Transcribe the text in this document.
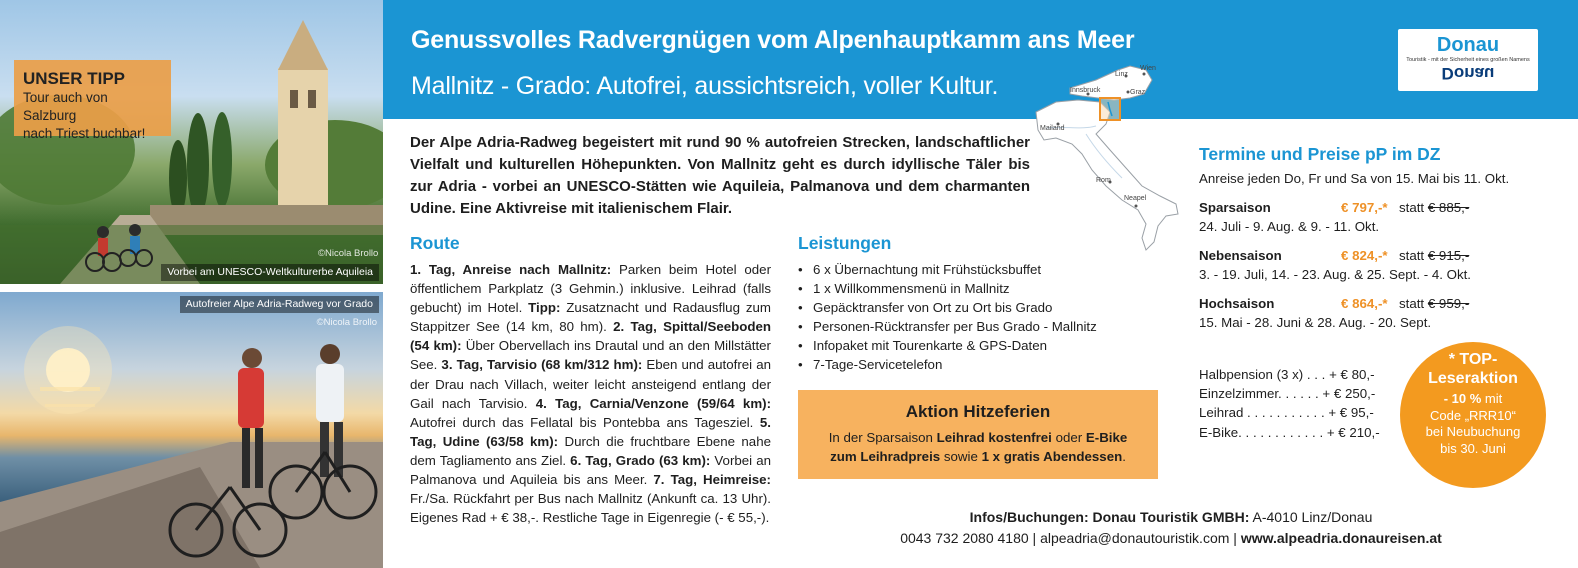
©Nicola Brollo
Vorbei am UNESCO-Weltkulturerbe Aquileia
UNSER TIPP
Tour auch von Salzburg
nach Triest buchbar!
Autofreier Alpe Adria-Radweg vor Grado
©Nicola Brollo
Genussvolles Radvergnügen vom Alpenhauptkamm ans Meer
Mallnitz - Grado: Autofrei, aussichtsreich, voller Kultur.
Donau
Touristik - mit der Sicherheit eines großen Namens
Donau
Linz
Wien
Innsbruck	Graz
Mailand
Rom
Neapel
Der Alpe Adria-Radweg begeistert mit rund 90 % autofreien Strecken, landschaftlicher Vielfalt und kulturellen Höhepunkten. Von Mallnitz geht es durch idyllische Täler bis zur Adria - vorbei an UNESCO-Stätten wie Aquileia, Palmanova und dem charmanten Udine. Eine Aktivreise mit italienischem Flair.
Route
1. Tag, Anreise nach Mallnitz: Parken beim Hotel oder öffentlichem Parkplatz (3 Gehmin.) inklusive. Leihrad (falls gebucht) im Hotel. Tipp: Zusatznacht und Radausflug zum Stappitzer See (14 km, 80 hm). 2. Tag, Spittal/Seeboden (54 km): Über Obervellach ins Drautal und an den Millstätter See. 3. Tag, Tarvisio (68 km/312 hm): Eben und autofrei an der Drau nach Villach, weiter leicht ansteigend entlang der Gail nach Tarvisio. 4. Tag, Carnia/Venzone (59/64 km): Autofrei durch das Fellatal bis Pontebba ans Tagesziel. 5. Tag, Udine (63/58 km): Durch die fruchtbare Ebene nahe dem Tagliamento ans Ziel. 6. Tag, Grado (63 km): Vorbei an Palmanova und Aquileia bis ans Meer. 7. Tag, Heimreise: Fr./Sa. Rückfahrt per Bus nach Mallnitz (Ankunft ca. 13 Uhr). Eigenes Rad + € 38,-. Restliche Tage in Eigenregie (- € 55,-).
Leistungen
• 6 x Übernachtung mit Frühstücksbuffet
• 1 x Willkommensmenü in Mallnitz
• Gepäcktransfer von Ort zu Ort bis Grado
• Personen-Rücktransfer per Bus Grado - Mallnitz
• Infopaket mit Tourenkarte & GPS-Daten
• 7-Tage-Servicetelefon
Aktion Hitzeferien
In der Sparsaison Leihrad kostenfrei oder E-Bike
zum Leihradpreis sowie 1 x gratis Abendessen.
Termine und Preise pP im DZ
Anreise jeden Do, Fr und Sa von 15. Mai bis 11. Okt.
Sparsaison	€ 797,-* statt € 885,-
24. Juli - 9. Aug. & 9. - 11. Okt.
Nebensaison	€ 824,-* statt € 915,-
3. - 19. Juli, 14. - 23. Aug. & 25. Sept. - 4. Okt.
Hochsaison	€ 864,-* statt € 959,-
15. Mai - 28. Juni & 28. Aug. - 20. Sept.
Halbpension (3 x) . . . + € 80,-
Einzelzimmer. . . . . . + € 250,-
Leihrad . . . . . . . . . . . + € 95,-
E-Bike. . . . . . . . . . . . + € 210,-
* TOP-
Leseraktion
- 10 % mit
Code „RRR10“
bei Neubuchung
bis 30. Juni
Infos/Buchungen: Donau Touristik GMBH: A-4010 Linz/Donau
0043 732 2080 4180 | alpeadria@donautouristik.com | www.alpeadria.donaureisen.at
